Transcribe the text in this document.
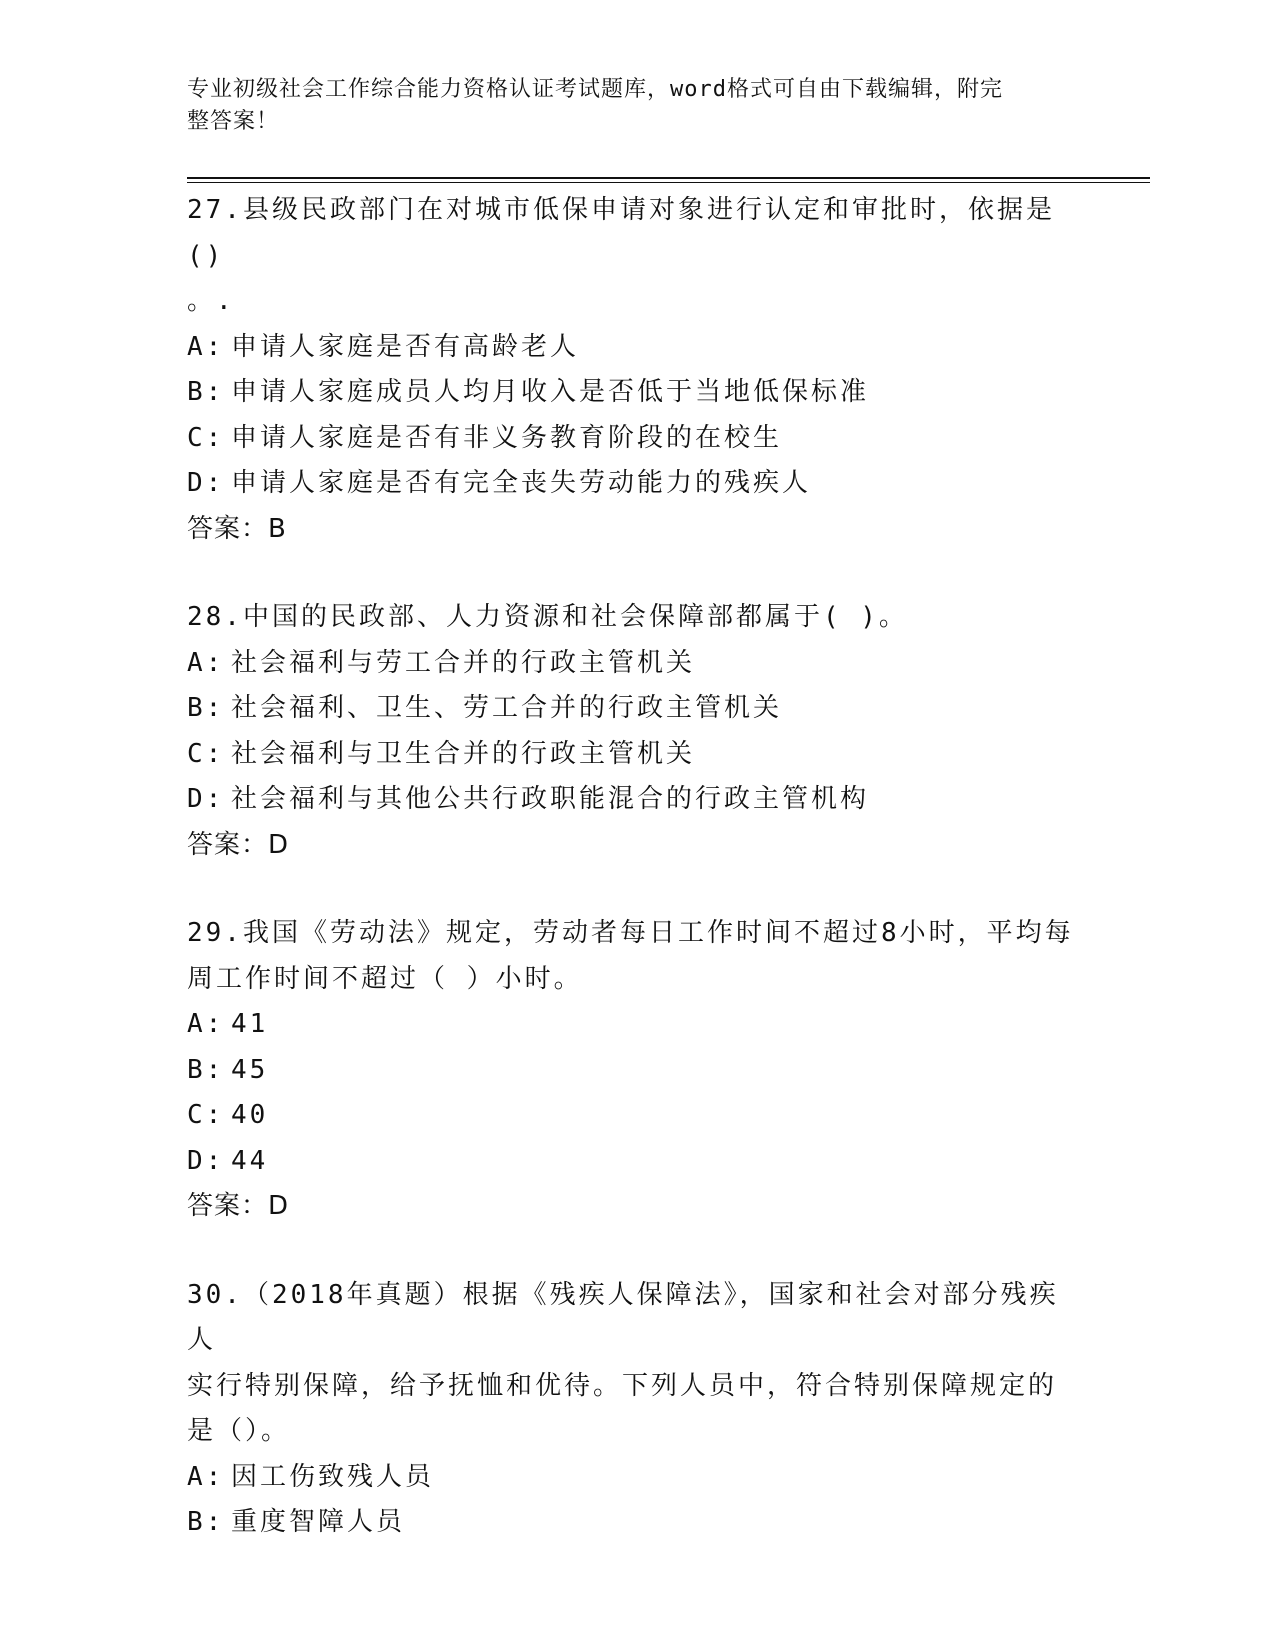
专业初级社会工作综合能力资格认证考试题库，word格式可自由下载编辑，附完
整答案！
27.县级民政部门在对城市低保申请对象进行认定和审批时，依据是()
。.
A: 申请人家庭是否有高龄老人
B: 申请人家庭成员人均月收入是否低于当地低保标准
C: 申请人家庭是否有非义务教育阶段的在校生
D: 申请人家庭是否有完全丧失劳动能力的残疾人
答案：B
28.中国的民政部、人力资源和社会保障部都属于( )。
A: 社会福利与劳工合并的行政主管机关
B: 社会福利、卫生、劳工合并的行政主管机关
C: 社会福利与卫生合并的行政主管机关
D: 社会福利与其他公共行政职能混合的行政主管机构
答案：D
29.我国《劳动法》规定，劳动者每日工作时间不超过8小时，平均每
周工作时间不超过（ ）小时。
A: 41
B: 45
C: 40
D: 44
答案：D
30.（2018年真题）根据《残疾人保障法》，国家和社会对部分残疾人
实行特别保障，给予抚恤和优待。下列人员中，符合特别保障规定的
是（）。
A: 因工伤致残人员
B: 重度智障人员
